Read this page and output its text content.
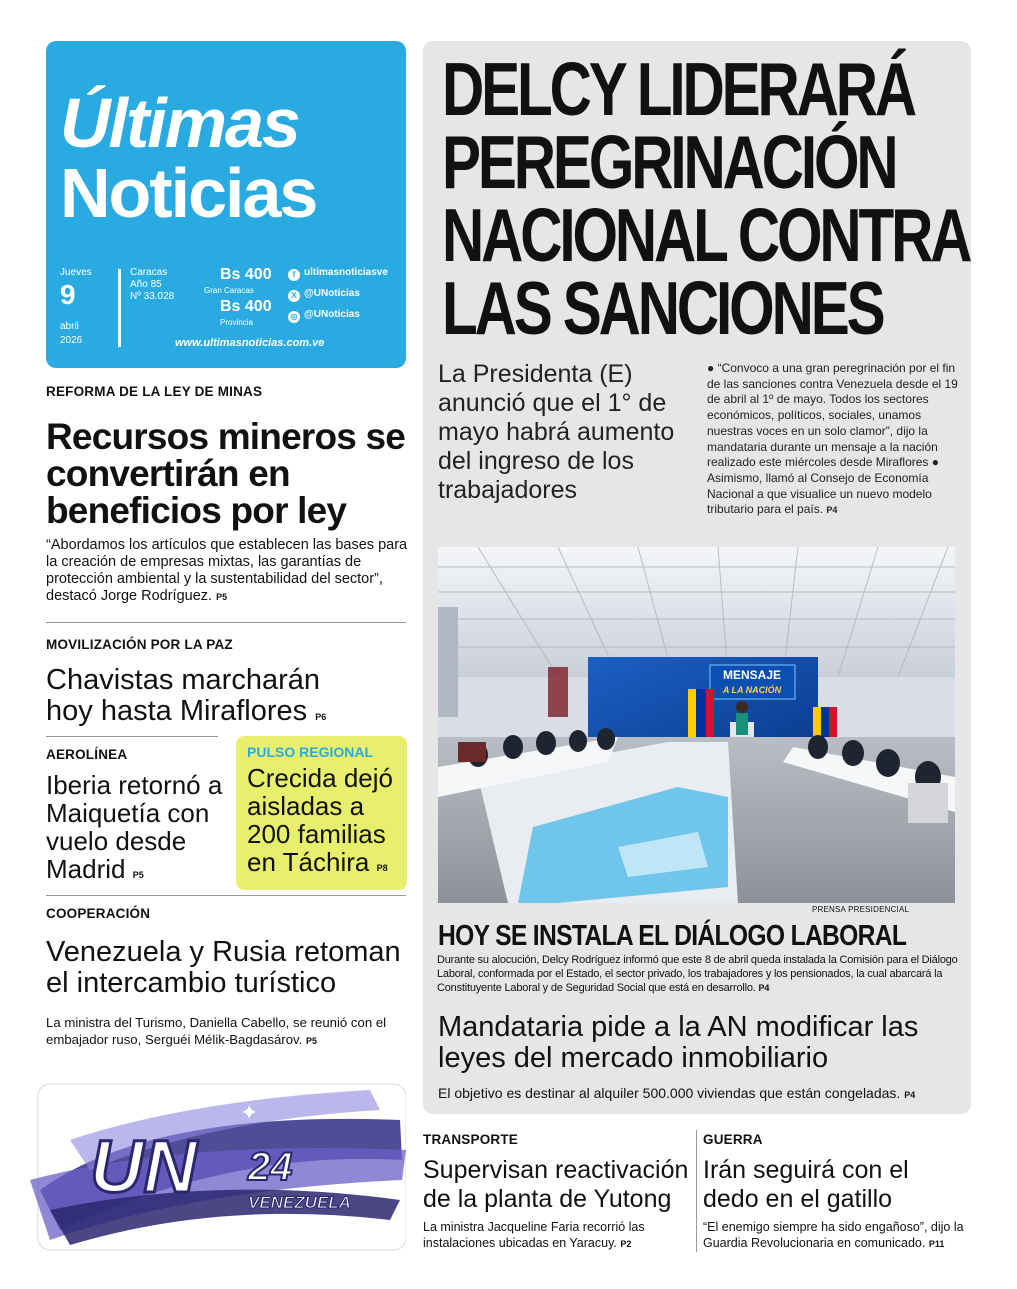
Últimas
Noticias
Jueves
9
abril
2026
Caracas
Año 85
Nº 33.028
Bs 400
Gran Caracas
Bs 400
Provincia
f ultimasnoticiasve
X @UNoticias
◎ @UNoticias
www.ultimasnoticias.com.ve
REFORMA DE LA LEY DE MINAS
Recursos mineros se convertirán en beneficios por ley
“Abordamos los artículos que establecen las bases para la creación de empresas mixtas, las garantías de protección ambiental y la sustentabilidad del sector”, destacó Jorge Rodríguez. P5
MOVILIZACIÓN POR LA PAZ
Chavistas marcharán hoy hasta Miraflores P6
AEROLÍNEA
Iberia retornó a Maiquetía con vuelo desde Madrid P5
PULSO REGIONAL
Crecida dejó aisladas a 200 familias en Táchira P8
COOPERACIÓN
Venezuela y Rusia retoman el intercambio turístico
La ministra del Turismo, Daniella Cabello, se reunió con el embajador ruso, Serguéi Mélik-Bagdasárov. P5
UN 24
VENEZUELA
En Directo
✦
✦
DELCY LIDERARÁ
PEREGRINACIÓN
NACIONAL CONTRA
LAS SANCIONES
La Presidenta (E) anunció que el 1° de mayo habrá aumento del ingreso de los trabajadores
● “Convoco a una gran peregrinación por el fin de las sanciones contra Venezuela desde el 19 de abril al 1º de mayo. Todos los sectores económicos, políticos, sociales, unamos nuestras voces en un solo clamor”, dijo la mandataria durante un mensaje a la nación realizado este miércoles desde Miraflores ● Asimismo, llamó al Consejo de Economía Nacional a que visualice un nuevo modelo tributario para el país. P4
MENSAJE
A LA NACIÓN
PRENSA PRESIDENCIAL
HOY SE INSTALA EL DIÁLOGO LABORAL
Durante su alocución, Delcy Rodríguez informó que este 8 de abril queda instalada la Comisión para el Diálogo Laboral, conformada por el Estado, el sector privado, los trabajadores y los pensionados, la cual abarcará la Constituyente Laboral y de Seguridad Social que está en desarrollo. P4
Mandataria pide a la AN modificar las leyes del mercado inmobiliario
El objetivo es destinar al alquiler 500.000 viviendas que están congeladas. P4
TRANSPORTE
Supervisan reactivación de la planta de Yutong
La ministra Jacqueline Faria recorrió las instalaciones ubicadas en Yaracuy. P2
GUERRA
Irán seguirá con el dedo en el gatillo
“El enemigo siempre ha sido engañoso”, dijo la Guardia Revolucionaria en comunicado. P11
